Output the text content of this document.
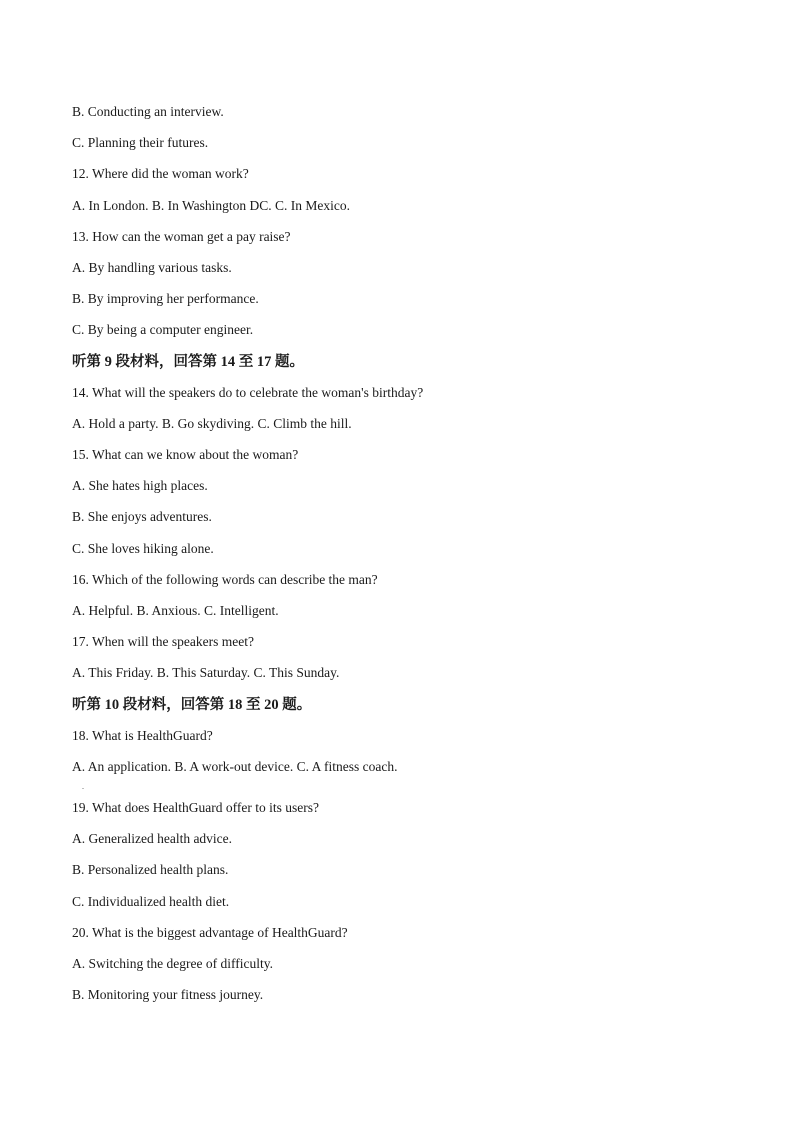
B. Conducting an interview.
C. Planning their futures.
12. Where did the woman work?
A. In London. B. In Washington DC. C. In Mexico.
13. How can the woman get a pay raise?
A. By handling various tasks.
B. By improving her performance.
C. By being a computer engineer.
听第 9 段材料，回答第 14 至 17 题。
14. What will the speakers do to celebrate the woman's birthday?
A. Hold a party. B. Go skydiving. C. Climb the hill.
15. What can we know about the woman?
A. She hates high places.
B. She enjoys adventures.
C. She loves hiking alone.
16. Which of the following words can describe the man?
A. Helpful. B. Anxious. C. Intelligent.
17. When will the speakers meet?
A. This Friday. B. This Saturday. C. This Sunday.
听第 10 段材料，回答第 18 至 20 题。
18. What is HealthGuard?
A. An application. B. A work-out device. C. A fitness coach.
.
19. What does HealthGuard offer to its users?
A. Generalized health advice.
B. Personalized health plans.
C. Individualized health diet.
20. What is the biggest advantage of HealthGuard?
A. Switching the degree of difficulty.
B. Monitoring your fitness journey.
